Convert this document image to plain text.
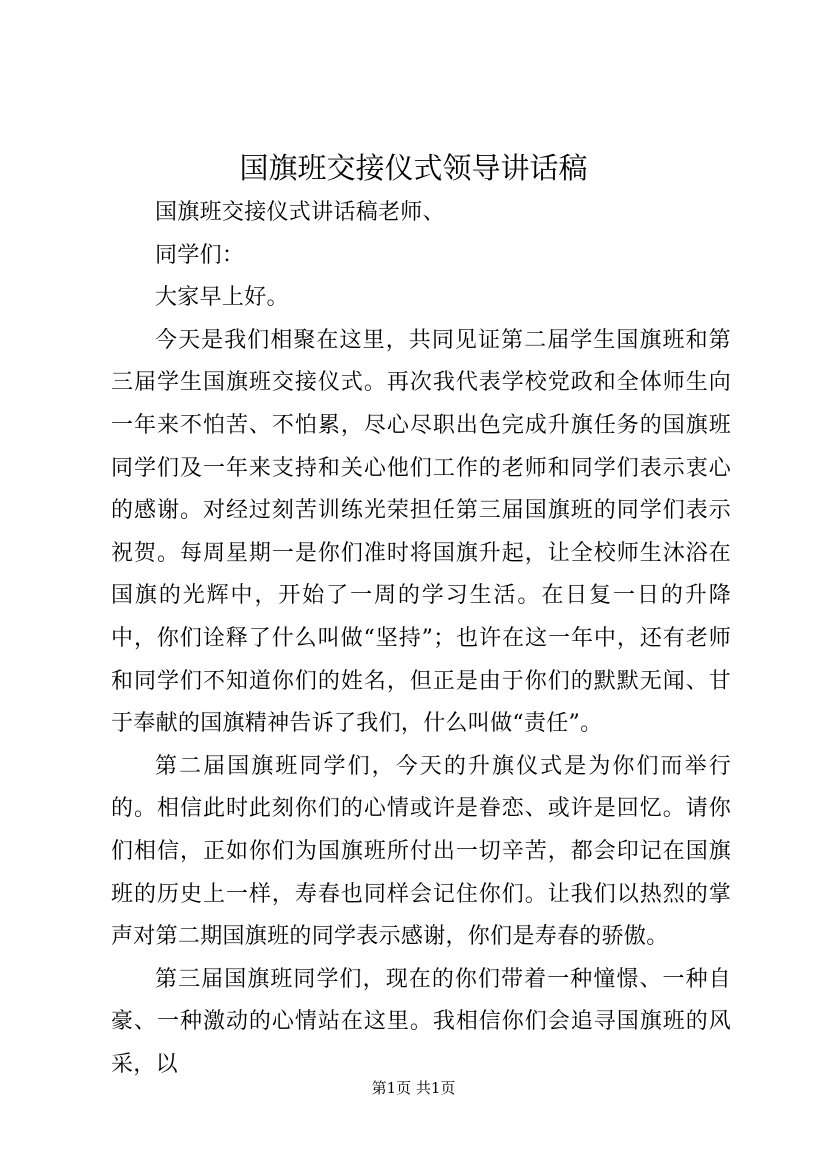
国旗班交接仪式领导讲话稿

国旗班交接仪式讲话稿老师、

同学们：

大家早上好。

今天是我们相聚在这里，共同见证第二届学生国旗班和第三届学生国旗班交接仪式。再次我代表学校党政和全体师生向一年来不怕苦、不怕累，尽心尽职出色完成升旗任务的国旗班同学们及一年来支持和关心他们工作的老师和同学们表示衷心的感谢。对经过刻苦训练光荣担任第三届国旗班的同学们表示祝贺。每周星期一是你们准时将国旗升起，让全校师生沐浴在国旗的光辉中，开始了一周的学习生活。在日复一日的升降中，你们诠释了什么叫做“坚持”；也许在这一年中，还有老师和同学们不知道你们的姓名，但正是由于你们的默默无闻、甘于奉献的国旗精神告诉了我们，什么叫做“责任”。

第二届国旗班同学们，今天的升旗仪式是为你们而举行的。相信此时此刻你们的心情或许是眷恋、或许是回忆。请你们相信，正如你们为国旗班所付出一切辛苦，都会印记在国旗班的历史上一样，寿春也同样会记住你们。让我们以热烈的掌声对第二期国旗班的同学表示感谢，你们是寿春的骄傲。

第三届国旗班同学们，现在的你们带着一种憧憬、一种自豪、一种激动的心情站在这里。我相信你们会追寻国旗班的风采，以

第1页 共1页
